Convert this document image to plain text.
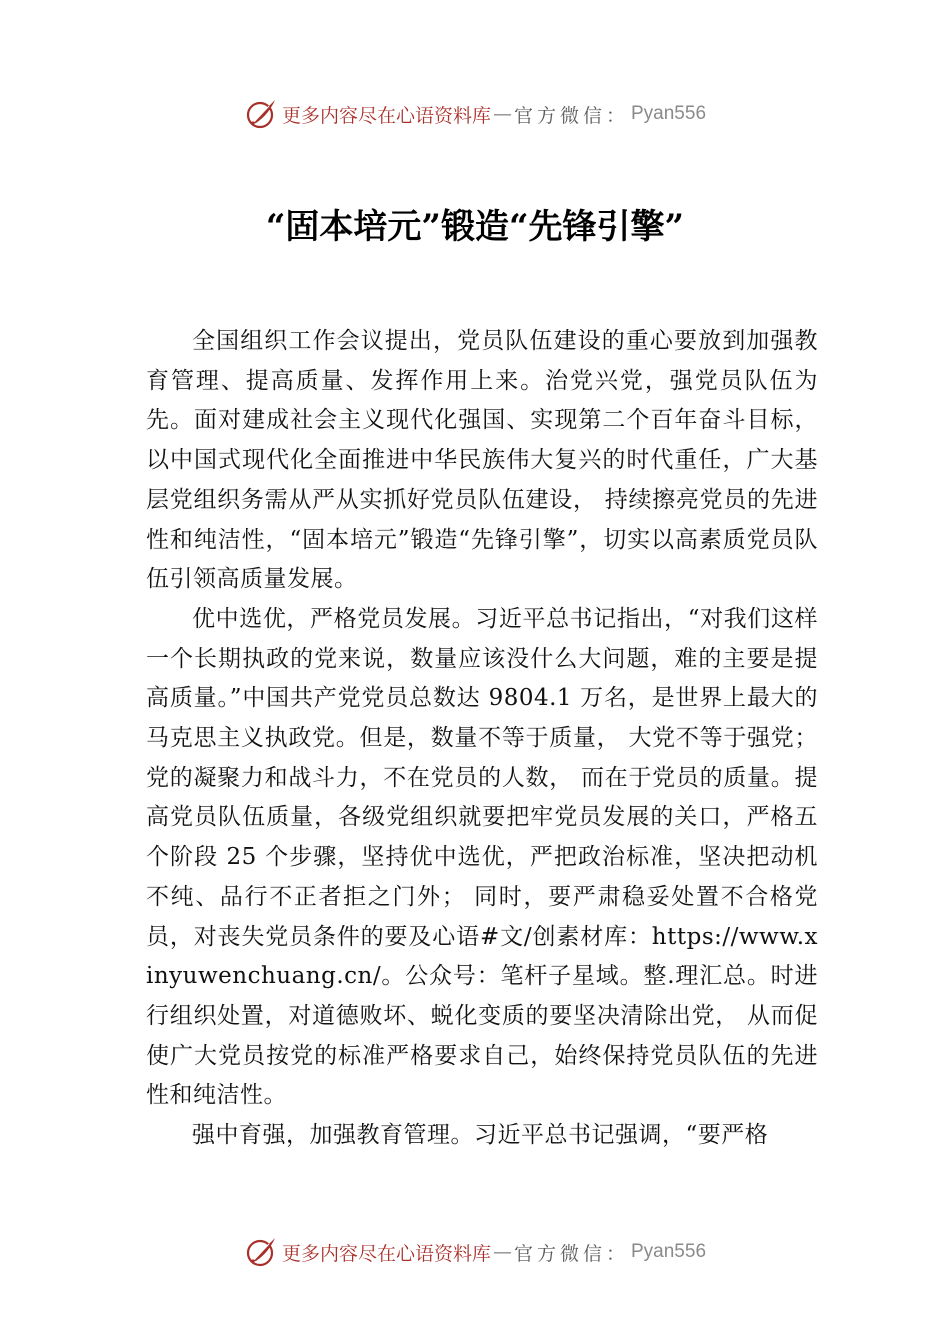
更多内容尽在心语资料库 — 官方微信： Pyan556
“固本培元”锻造“先锋引擎”

全国组织工作会议提出，党员队伍建设的重心要放到加强教育管理、提高质量、发挥作用上来。治党兴党，强党员队伍为先。面对建成社会主义现代化强国、实现第二个百年奋斗目标，以中国式现代化全面推进中华民族伟大复兴的时代重任，广大基层党组织务需从严从实抓好党员队伍建设， 持续擦亮党员的先进性和纯洁性，“固本培元”锻造“先锋引擎”，切实以高素质党员队伍引领高质量发展。

优中选优，严格党员发展。习近平总书记指出，“对我们这样一个长期执政的党来说，数量应该没什么大问题，难的主要是提高质量。”中国共产党党员总数达 9804.1 万名，是世界上最大的马克思主义执政党。但是，数量不等于质量， 大党不等于强党；党的凝聚力和战斗力，不在党员的人数， 而在于党员的质量。提高党员队伍质量，各级党组织就要把牢党员发展的关口，严格五个阶段 25 个步骤，坚持优中选优，严把政治标准，坚决把动机不纯、品行不正者拒之门外； 同时，要严肃稳妥处置不合格党员，对丧失党员条件的要及心语#文/创素材库：https://www.xinyuwenchuang.cn/。公众号：笔杆子星域。整.理汇总。时进行组织处置，对道德败坏、蜕化变质的要坚决清除出党， 从而促使广大党员按党的标准严格要求自己，始终保持党员队伍的先进性和纯洁性。

强中育强，加强教育管理。习近平总书记强调，“要严格

更多内容尽在心语资料库 — 官方微信： Pyan556
